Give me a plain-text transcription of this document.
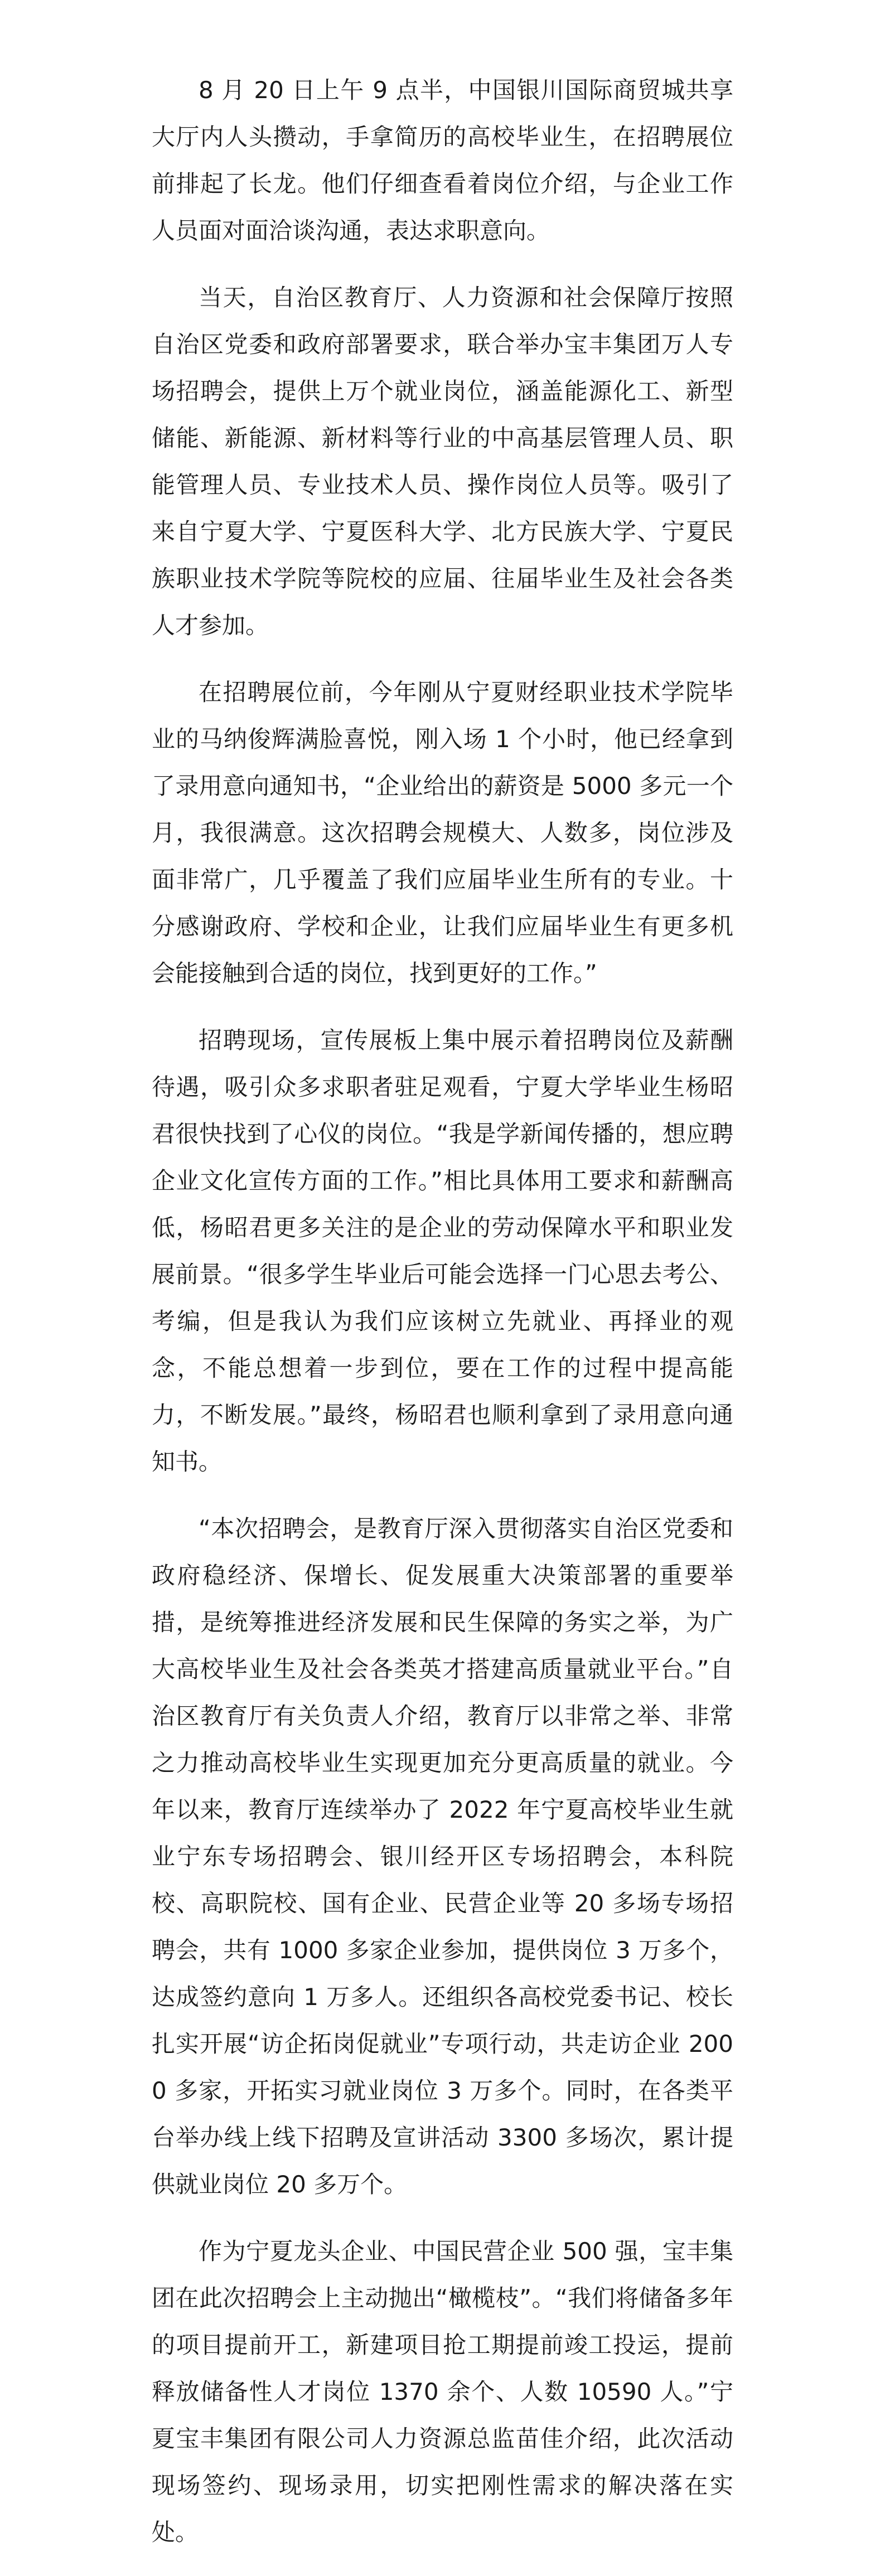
8 月 20 日上午 9 点半，中国银川国际商贸城共享大厅内人头攒动，手拿简历的高校毕业生，在招聘展位前排起了长龙。他们仔细查看着岗位介绍，与企业工作人员面对面洽谈沟通，表达求职意向。

当天，自治区教育厅、人力资源和社会保障厅按照自治区党委和政府部署要求，联合举办宝丰集团万人专场招聘会，提供上万个就业岗位，涵盖能源化工、新型储能、新能源、新材料等行业的中高基层管理人员、职能管理人员、专业技术人员、操作岗位人员等。吸引了来自宁夏大学、宁夏医科大学、北方民族大学、宁夏民族职业技术学院等院校的应届、往届毕业生及社会各类人才参加。

在招聘展位前，今年刚从宁夏财经职业技术学院毕业的马纳俊辉满脸喜悦，刚入场 1 个小时，他已经拿到了录用意向通知书，“企业给出的薪资是 5000 多元一个月，我很满意。这次招聘会规模大、人数多，岗位涉及面非常广，几乎覆盖了我们应届毕业生所有的专业。十分感谢政府、学校和企业，让我们应届毕业生有更多机会能接触到合适的岗位，找到更好的工作。”

招聘现场，宣传展板上集中展示着招聘岗位及薪酬待遇，吸引众多求职者驻足观看，宁夏大学毕业生杨昭君很快找到了心仪的岗位。“我是学新闻传播的，想应聘企业文化宣传方面的工作。”相比具体用工要求和薪酬高低，杨昭君更多关注的是企业的劳动保障水平和职业发展前景。“很多学生毕业后可能会选择一门心思去考公、考编，但是我认为我们应该树立先就业、再择业的观念，不能总想着一步到位，要在工作的过程中提高能力，不断发展。”最终，杨昭君也顺利拿到了录用意向通知书。

“本次招聘会，是教育厅深入贯彻落实自治区党委和政府稳经济、保增长、促发展重大决策部署的重要举措，是统筹推进经济发展和民生保障的务实之举，为广大高校毕业生及社会各类英才搭建高质量就业平台。”自治区教育厅有关负责人介绍，教育厅以非常之举、非常之力推动高校毕业生实现更加充分更高质量的就业。今年以来，教育厅连续举办了 2022 年宁夏高校毕业生就业宁东专场招聘会、银川经开区专场招聘会，本科院校、高职院校、国有企业、民营企业等 20 多场专场招聘会，共有 1000 多家企业参加，提供岗位 3 万多个，达成签约意向 1 万多人。还组织各高校党委书记、校长扎实开展“访企拓岗促就业”专项行动，共走访企业 2000 多家，开拓实习就业岗位 3 万多个。同时，在各类平台举办线上线下招聘及宣讲活动 3300 多场次，累计提供就业岗位 20 多万个。

作为宁夏龙头企业、中国民营企业 500 强，宝丰集团在此次招聘会上主动抛出“橄榄枝”。“我们将储备多年的项目提前开工，新建项目抢工期提前竣工投运，提前释放储备性人才岗位 1370 余个、人数 10590 人。”宁夏宝丰集团有限公司人力资源总监苗佳介绍，此次活动现场签约、现场录用，切实把刚性需求的解决落在实处。
